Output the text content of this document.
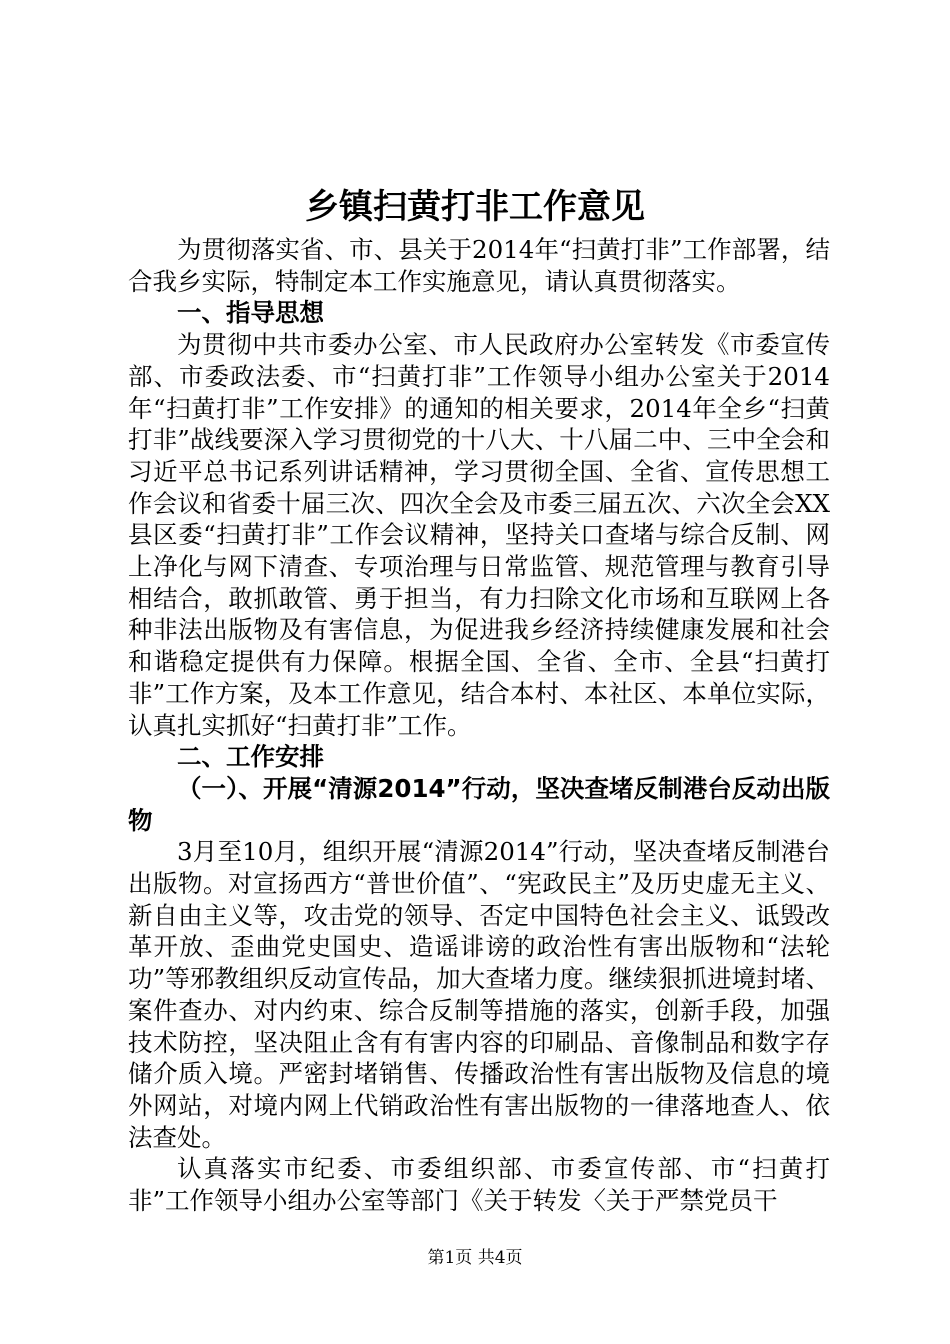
乡镇扫黄打非工作意见

为贯彻落实省、市、县关于2014年“扫黄打非”工作部署，结合我乡实际，特制定本工作实施意见，请认真贯彻落实。

一、指导思想

为贯彻中共市委办公室、市人民政府办公室转发《市委宣传部、市委政法委、市“扫黄打非”工作领导小组办公室关于2014年“扫黄打非”工作安排》的通知的相关要求，2014年全乡“扫黄打非”战线要深入学习贯彻党的十八大、十八届二中、三中全会和习近平总书记系列讲话精神，学习贯彻全国、全省、宣传思想工作会议和省委十届三次、四次全会及市委三届五次、六次全会XX县区委“扫黄打非”工作会议精神，坚持关口查堵与综合反制、网上净化与网下清查、专项治理与日常监管、规范管理与教育引导相结合，敢抓敢管、勇于担当，有力扫除文化市场和互联网上各种非法出版物及有害信息，为促进我乡经济持续健康发展和社会和谐稳定提供有力保障。根据全国、全省、全市、全县“扫黄打非”工作方案，及本工作意见，结合本村、本社区、本单位实际，认真扎实抓好“扫黄打非”工作。

二、工作安排

（一）、开展“清源2014”行动，坚决查堵反制港台反动出版物

3月至10月，组织开展“清源2014”行动，坚决查堵反制港台出版物。对宣扬西方“普世价值”、“宪政民主”及历史虚无主义、新自由主义等，攻击党的领导、否定中国特色社会主义、诋毁改革开放、歪曲党史国史、造谣诽谤的政治性有害出版物和“法轮功”等邪教组织反动宣传品，加大查堵力度。继续狠抓进境封堵、案件查办、对内约束、综合反制等措施的落实，创新手段，加强技术防控，坚决阻止含有有害内容的印刷品、音像制品和数字存储介质入境。严密封堵销售、传播政治性有害出版物及信息的境外网站，对境内网上代销政治性有害出版物的一律落地查人、依法查处。

认真落实市纪委、市委组织部、市委宣传部、市“扫黄打非”工作领导小组办公室等部门《关于转发〈关于严禁党员干

第1页 共4页
